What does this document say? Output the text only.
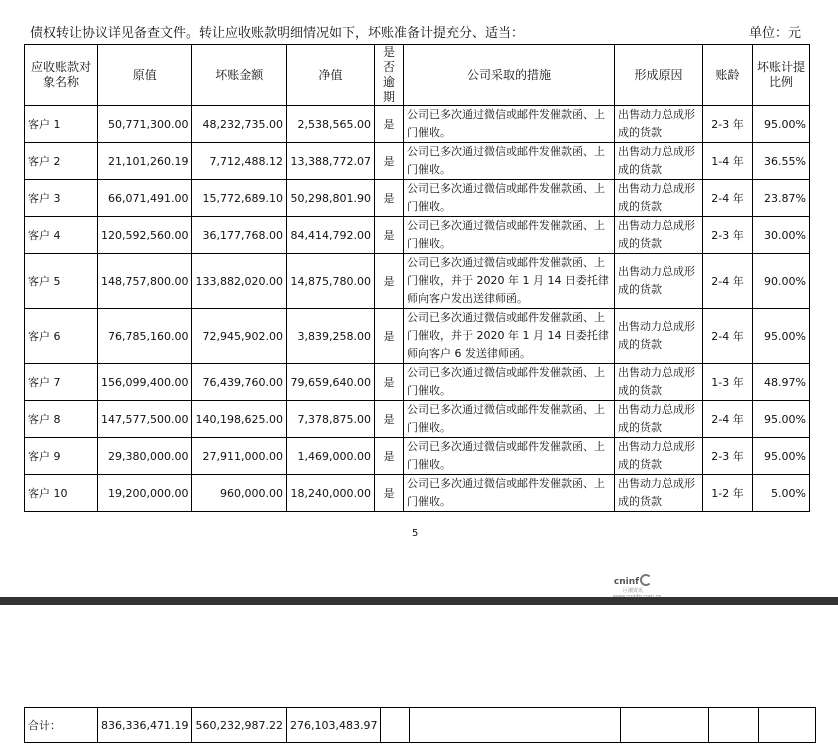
债权转让协议详见备查文件。转让应收账款明细情况如下，坏账准备计提充分、适当：	单位：元
应收账款对象名称	原值	坏账金额	净值	是否逾期	公司采取的措施	形成原因	账龄	坏账计提比例
客户 1	50,771,300.00	48,232,735.00	2,538,565.00	是	公司已多次通过微信或邮件发催款函、上门催收。	出售动力总成形成的货款	2-3 年	95.00%
客户 2	21,101,260.19	7,712,488.12	13,388,772.07	是	公司已多次通过微信或邮件发催款函、上门催收。	出售动力总成形成的货款	1-4 年	36.55%
客户 3	66,071,491.00	15,772,689.10	50,298,801.90	是	公司已多次通过微信或邮件发催款函、上门催收。	出售动力总成形成的货款	2-4 年	23.87%
客户 4	120,592,560.00	36,177,768.00	84,414,792.00	是	公司已多次通过微信或邮件发催款函、上门催收。	出售动力总成形成的货款	2-3 年	30.00%
客户 5	148,757,800.00	133,882,020.00	14,875,780.00	是	公司已多次通过微信或邮件发催款函、上门催收，并于 2020 年 1 月 14 日委托律师向客户发出送律师函。	出售动力总成形成的货款	2-4 年	90.00%
客户 6	76,785,160.00	72,945,902.00	3,839,258.00	是	公司已多次通过微信或邮件发催款函、上门催收，并于 2020 年 1 月 14 日委托律师向客户 6 发送律师函。	出售动力总成形成的货款	2-4 年	95.00%
客户 7	156,099,400.00	76,439,760.00	79,659,640.00	是	公司已多次通过微信或邮件发催款函、上门催收。	出售动力总成形成的货款	1-3 年	48.97%
客户 8	147,577,500.00	140,198,625.00	7,378,875.00	是	公司已多次通过微信或邮件发催款函、上门催收。	出售动力总成形成的货款	2-4 年	95.00%
客户 9	29,380,000.00	27,911,000.00	1,469,000.00	是	公司已多次通过微信或邮件发催款函、上门催收。	出售动力总成形成的货款	2-3 年	95.00%
客户 10	19,200,000.00	960,000.00	18,240,000.00	是	公司已多次通过微信或邮件发催款函、上门催收。	出售动力总成形成的货款	1-2 年	5.00%
5
cninf
巨潮资讯
合计：	836,336,471.19	560,232,987.22	276,103,483.97					
